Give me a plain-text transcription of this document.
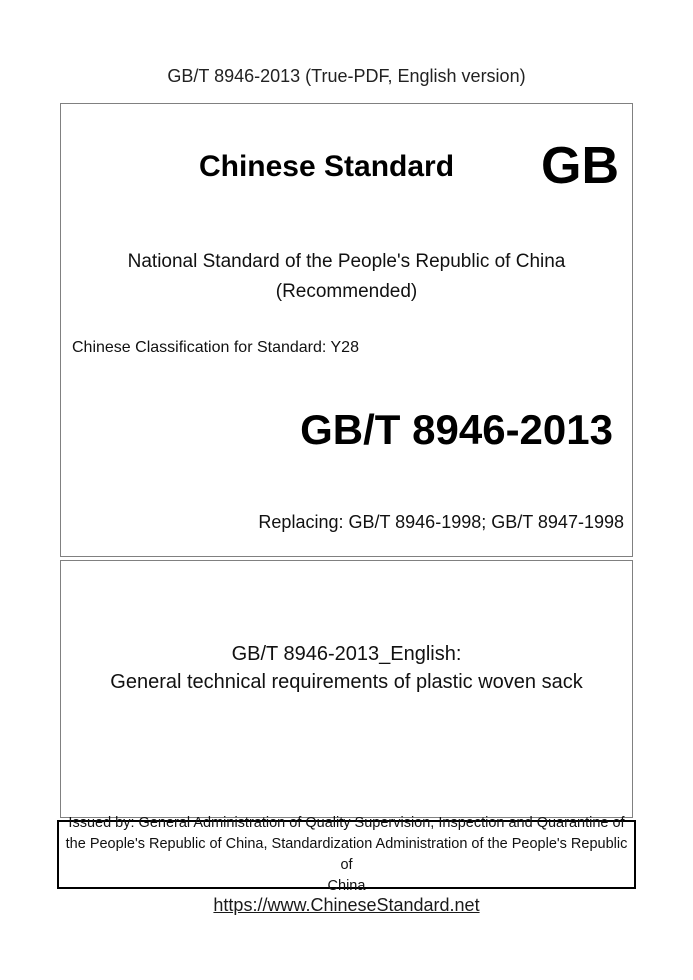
GB/T 8946-2013 (True-PDF, English version)
Chinese Standard	GB
National Standard of the People's Republic of China
(Recommended)
Chinese Classification for Standard: Y28
GB/T 8946-2013
Replacing: GB/T 8946-1998; GB/T 8947-1998
GB/T 8946-2013_English:
General technical requirements of plastic woven sack
Issued by: General Administration of Quality Supervision, Inspection and Quarantine of
the People's Republic of China, Standardization Administration of the People's Republic of
China
https://www.ChineseStandard.net
